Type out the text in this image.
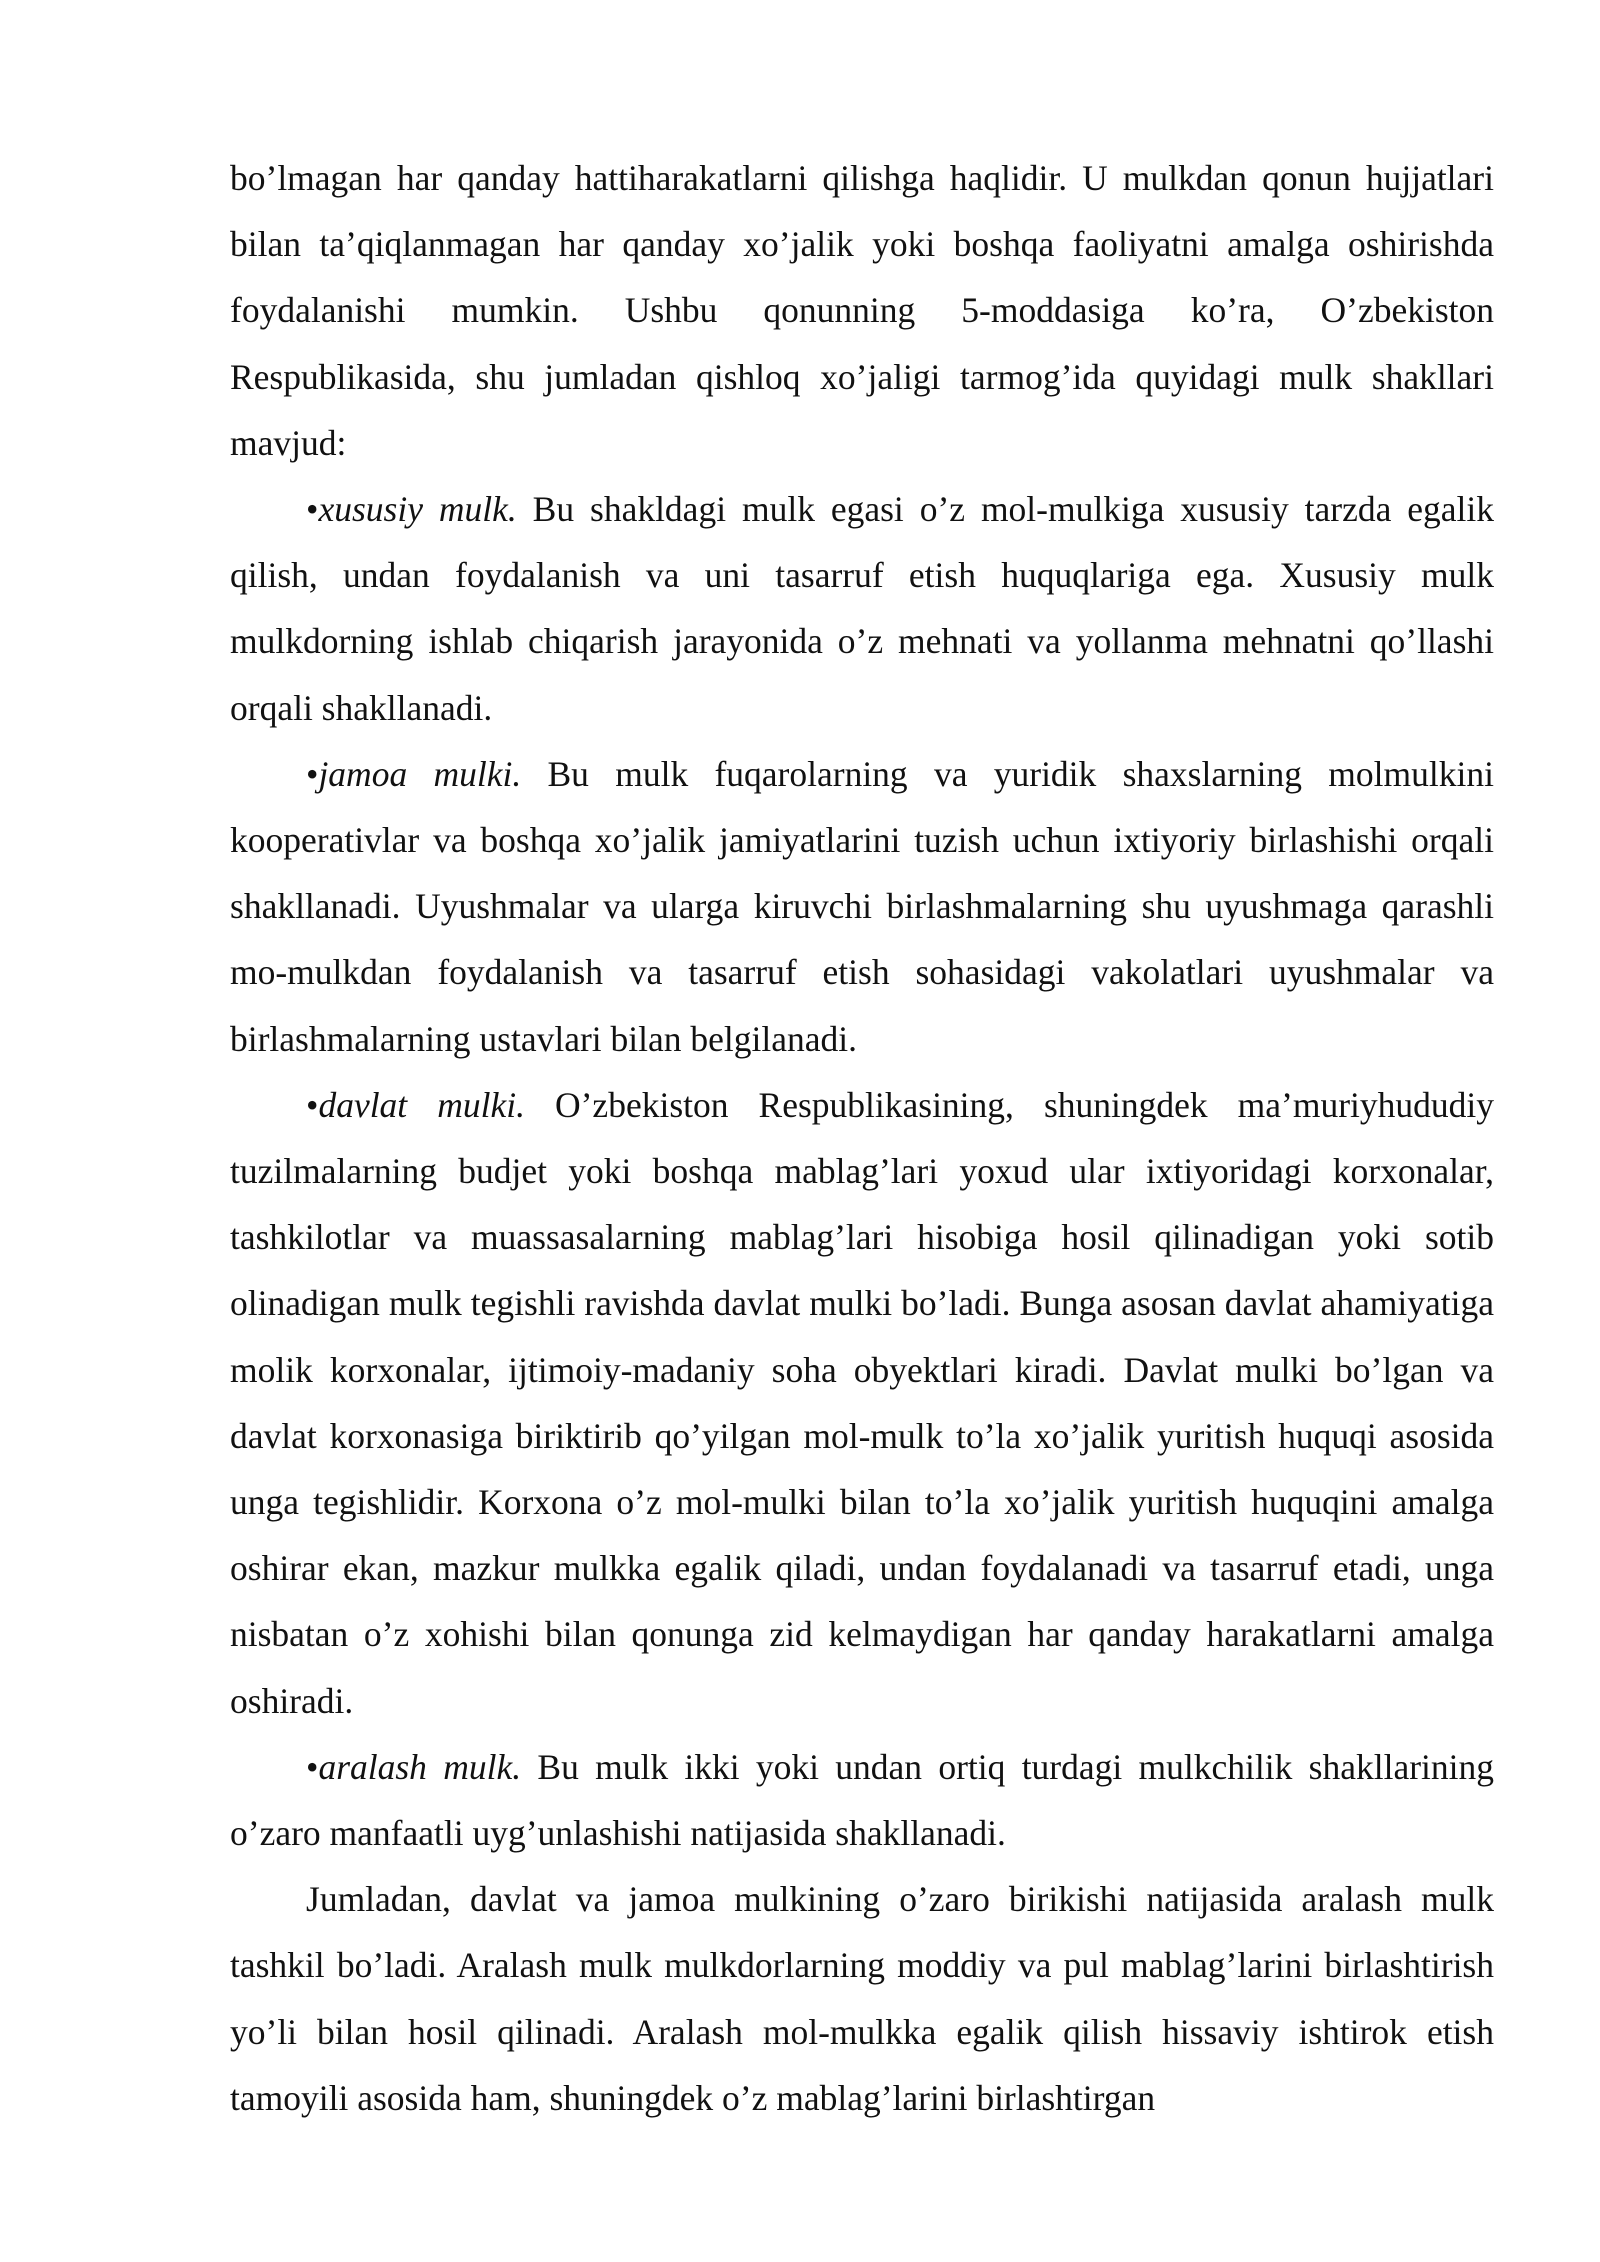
bo’lmagan har qanday hattiharakatlarni qilishga haqlidir. U mulkdan qonun hujjatlari bilan ta’qiqlanmagan har qanday xo’jalik yoki boshqa faoliyatni amalga oshirishda foydalanishi mumkin. Ushbu qonunning 5-moddasiga ko’ra, O’zbekiston Respublikasida, shu jumladan qishloq xo’jaligi tarmog’ida quyidagi mulk shakllari mavjud:

•xususiy mulk. Bu shakldagi mulk egasi o’z mol-mulkiga xususiy tarzda egalik qilish, undan foydalanish va uni tasarruf etish huquqlariga ega. Xususiy mulk mulkdorning ishlab chiqarish jarayonida o’z mehnati va yollanma mehnatni qo’llashi orqali shakllanadi.

•jamoa mulki. Bu mulk fuqarolarning va yuridik shaxslarning molmulkini kooperativlar va boshqa xo’jalik jamiyatlarini tuzish uchun ixtiyoriy birlashishi orqali shakllanadi. Uyushmalar va ularga kiruvchi birlashmalarning shu uyushmaga qarashli mo-mulkdan foydalanish va tasarruf etish sohasidagi vakolatlari uyushmalar va birlashmalarning ustavlari bilan belgilanadi.

•davlat mulki. O’zbekiston Respublikasining, shuningdek ma’muriyhududiy tuzilmalarning budjet yoki boshqa mablag’lari yoxud ular ixtiyoridagi korxonalar, tashkilotlar va muassasalarning mablag’lari hisobiga hosil qilinadigan yoki sotib olinadigan mulk tegishli ravishda davlat mulki bo’ladi. Bunga asosan davlat ahamiyatiga molik korxonalar, ijtimoiy-madaniy soha obyektlari kiradi. Davlat mulki bo’lgan va davlat korxonasiga biriktirib qo’yilgan mol-mulk to’la xo’jalik yuritish huquqi asosida unga tegishlidir. Korxona o’z mol-mulki bilan to’la xo’jalik yuritish huquqini amalga oshirar ekan, mazkur mulkka egalik qiladi, undan foydalanadi va tasarruf etadi, unga nisbatan o’z xohishi bilan qonunga zid kelmaydigan har qanday harakatlarni amalga oshiradi.

•aralash mulk. Bu mulk ikki yoki undan ortiq turdagi mulkchilik shakllarining o’zaro manfaatli uyg’unlashishi natijasida shakllanadi.

Jumladan, davlat va jamoa mulkining o’zaro birikishi natijasida aralash mulk tashkil bo’ladi. Aralash mulk mulkdorlarning moddiy va pul mablag’larini birlashtirish yo’li bilan hosil qilinadi. Aralash mol-mulkka egalik qilish hissaviy ishtirok etish tamoyili asosida ham, shuningdek o’z mablag’larini birlashtirgan
